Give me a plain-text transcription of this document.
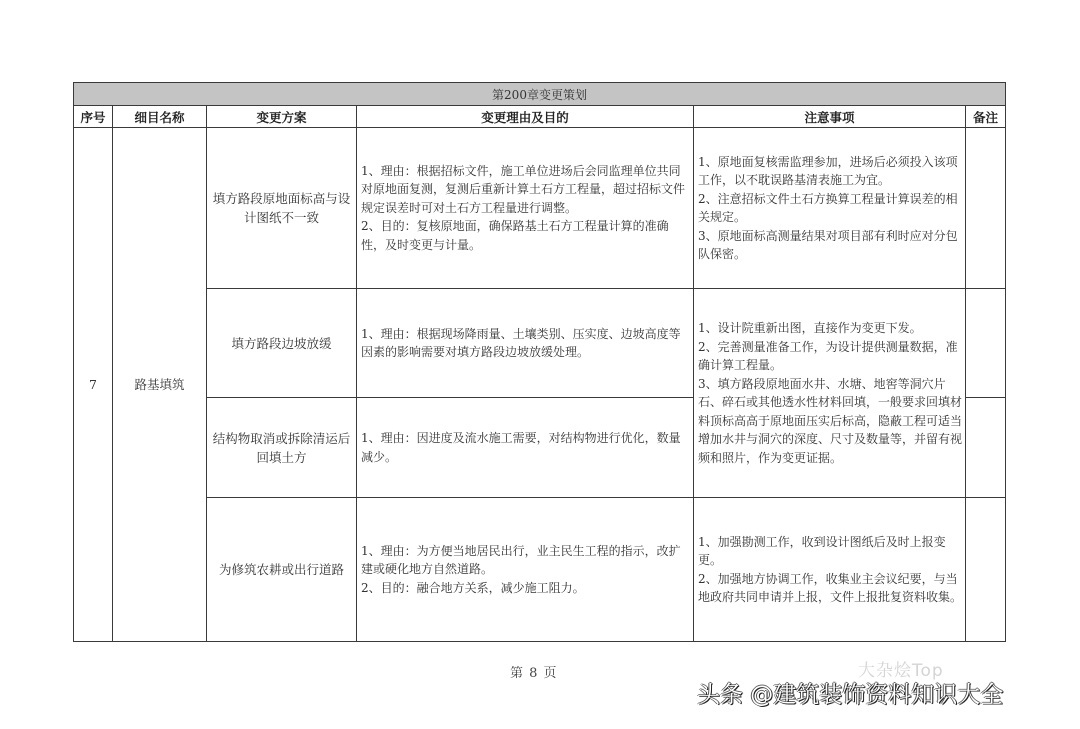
第200章变更策划					
序号	细目名称	变更方案	变更理由及目的	注意事项	备注
7	路基填筑	填方路段原地面标高与设计图纸不一致	1、理由：根据招标文件，施工单位进场后会同监理单位共同对原地面复测，复测后重新计算土石方工程量，超过招标文件规定误差时可对土石方工程量进行调整。
2、目的：复核原地面，确保路基土石方工程量计算的准确性，及时变更与计量。	1、原地面复核需监理参加，进场后必须投入该项工作，以不耽误路基清表施工为宜。
2、注意招标文件土石方换算工程量计算误差的相关规定。
3、原地面标高测量结果对项目部有利时应对分包队保密。	

		填方路段边坡放缓	1、理由：根据现场降雨量、土壤类别、压实度、边坡高度等因素的影响需要对填方路段边坡放缓处理。	1、设计院重新出图，直接作为变更下发。
2、完善测量准备工作，为设计提供测量数据，准确计算工程量。
3、填方路段原地面水井、水塘、地窖等洞穴片石、碎石或其他透水性材料回填，一般要求回填材料顶标高高于原地面压实后标高，隐蔽工程可适当增加水井与洞穴的深度、尺寸及数量等，并留有视频和照片，作为变更证据。	

		结构物取消或拆除清运后回填土方	1、理由：因进度及流水施工需要，对结构物进行优化，数量减少。		

		为修筑农耕或出行道路	1、理由：为方便当地居民出行，业主民生工程的指示，改扩建或硬化地方自然道路。
2、目的：融合地方关系，减少施工阻力。	1、加强勘测工作，收到设计图纸后及时上报变更。
2、加强地方协调工作，收集业主会议纪要，与当地政府共同申请并上报，文件上报批复资料收集。	

第 8 页	大杂烩Top
头条 @建筑装饰资料知识大全
